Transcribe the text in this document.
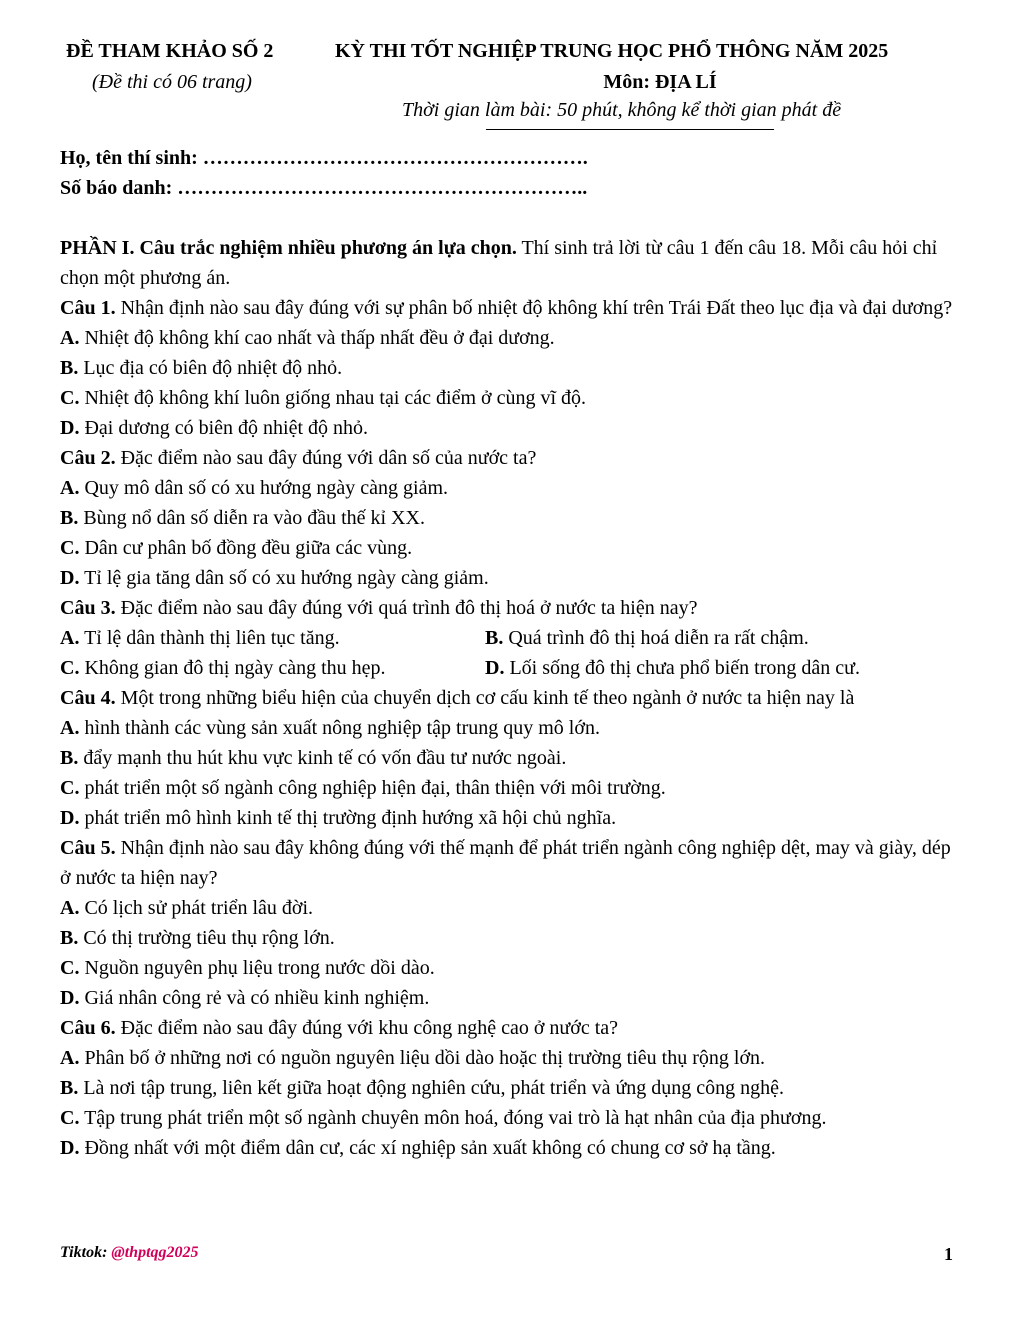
ĐỀ THAM KHẢO SỐ 2
(Đề thi có 06 trang)
KỲ THI TỐT NGHIỆP TRUNG HỌC PHỔ THÔNG NĂM 2025
Môn: ĐỊA LÍ
Thời gian làm bài: 50 phút, không kể thời gian phát đề
Họ, tên thí sinh: ………………………………………………….
Số báo danh: ……………………………………………………..

PHẦN I. Câu trắc nghiệm nhiều phương án lựa chọn. Thí sinh trả lời từ câu 1 đến câu 18. Mỗi câu hỏi chỉ chọn một phương án.

Câu 1. Nhận định nào sau đây đúng với sự phân bố nhiệt độ không khí trên Trái Đất theo lục địa và đại dương?

A. Nhiệt độ không khí cao nhất và thấp nhất đều ở đại dương.

B. Lục địa có biên độ nhiệt độ nhỏ.

C. Nhiệt độ không khí luôn giống nhau tại các điểm ở cùng vĩ độ.

D. Đại dương có biên độ nhiệt độ nhỏ.

Câu 2. Đặc điểm nào sau đây đúng với dân số của nước ta?

A. Quy mô dân số có xu hướng ngày càng giảm.

B. Bùng nổ dân số diễn ra vào đầu thế kỉ XX.

C. Dân cư phân bố đồng đều giữa các vùng.

D. Tỉ lệ gia tăng dân số có xu hướng ngày càng giảm.

Câu 3. Đặc điểm nào sau đây đúng với quá trình đô thị hoá ở nước ta hiện nay?

A. Tỉ lệ dân thành thị liên tục tăng.	B. Quá trình đô thị hoá diễn ra rất chậm.
C. Không gian đô thị ngày càng thu hẹp.	D. Lối sống đô thị chưa phổ biến trong dân cư.

Câu 4. Một trong những biểu hiện của chuyển dịch cơ cấu kinh tế theo ngành ở nước ta hiện nay là

A. hình thành các vùng sản xuất nông nghiệp tập trung quy mô lớn.

B. đẩy mạnh thu hút khu vực kinh tế có vốn đầu tư nước ngoài.

C. phát triển một số ngành công nghiệp hiện đại, thân thiện với môi trường.

D. phát triển mô hình kinh tế thị trường định hướng xã hội chủ nghĩa.

Câu 5. Nhận định nào sau đây không đúng với thế mạnh để phát triển ngành công nghiệp dệt, may và giày, dép ở nước ta hiện nay?

A. Có lịch sử phát triển lâu đời.

B. Có thị trường tiêu thụ rộng lớn.

C. Nguồn nguyên phụ liệu trong nước dồi dào.

D. Giá nhân công rẻ và có nhiều kinh nghiệm.

Câu 6. Đặc điểm nào sau đây đúng với khu công nghệ cao ở nước ta?

A. Phân bố ở những nơi có nguồn nguyên liệu dồi dào hoặc thị trường tiêu thụ rộng lớn.

B. Là nơi tập trung, liên kết giữa hoạt động nghiên cứu, phát triển và ứng dụng công nghệ.

C. Tập trung phát triển một số ngành chuyên môn hoá, đóng vai trò là hạt nhân của địa phương.

D. Đồng nhất với một điểm dân cư, các xí nghiệp sản xuất không có chung cơ sở hạ tầng.

Tiktok: @thptqg2025	1
